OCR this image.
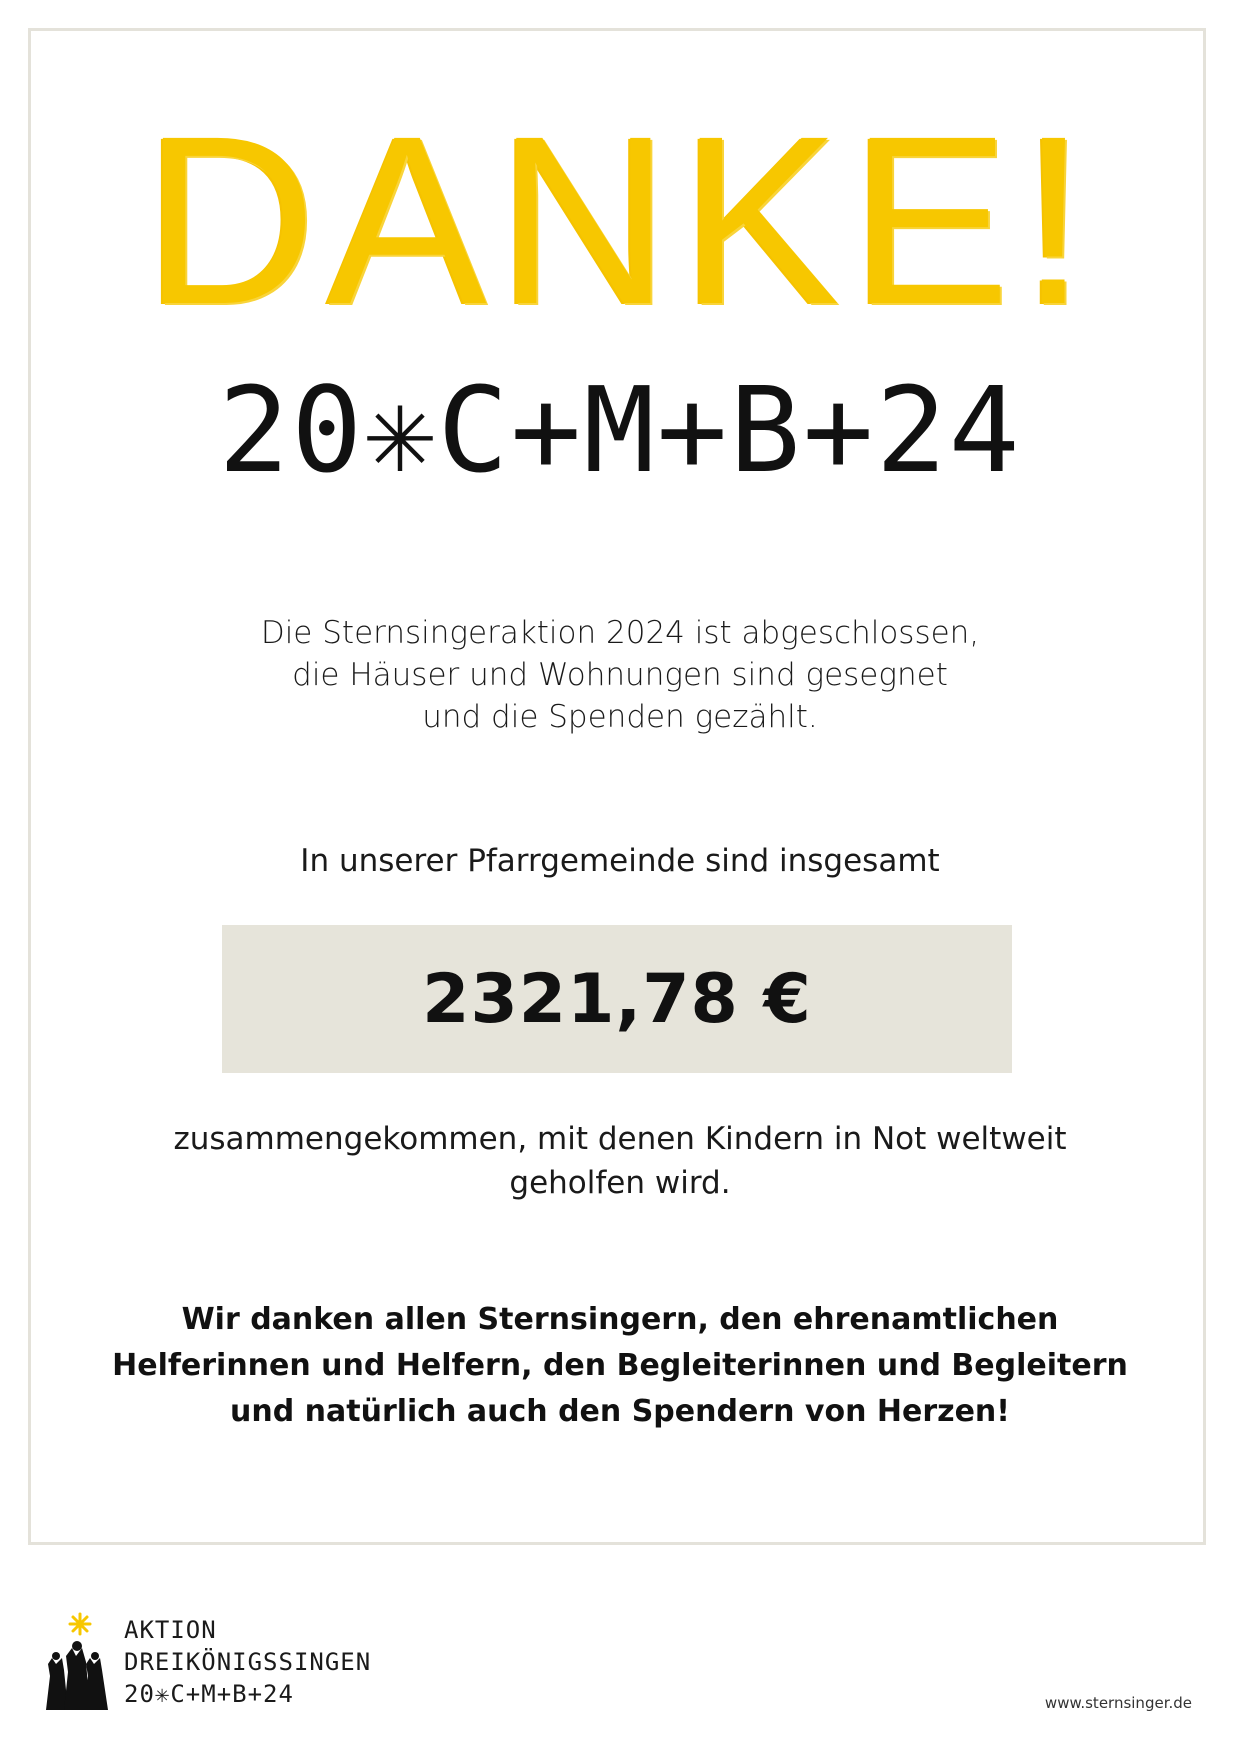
DANKE!
20✳C+M+B+24
Die Sternsingeraktion 2024 ist abgeschlossen,
die Häuser und Wohnungen sind gesegnet
und die Spenden gezählt.
In unserer Pfarrgemeinde sind insgesamt
2321,78 €
zusammengekommen, mit denen Kindern in Not weltweit
geholfen wird.
Wir danken allen Sternsingern, den ehrenamtlichen
Helferinnen und Helfern, den Begleiterinnen und Begleitern
und natürlich auch den Spendern von Herzen!
AKTION
DREIKÖNIGSSINGEN
20✳C+M+B+24	www.sternsinger.de
